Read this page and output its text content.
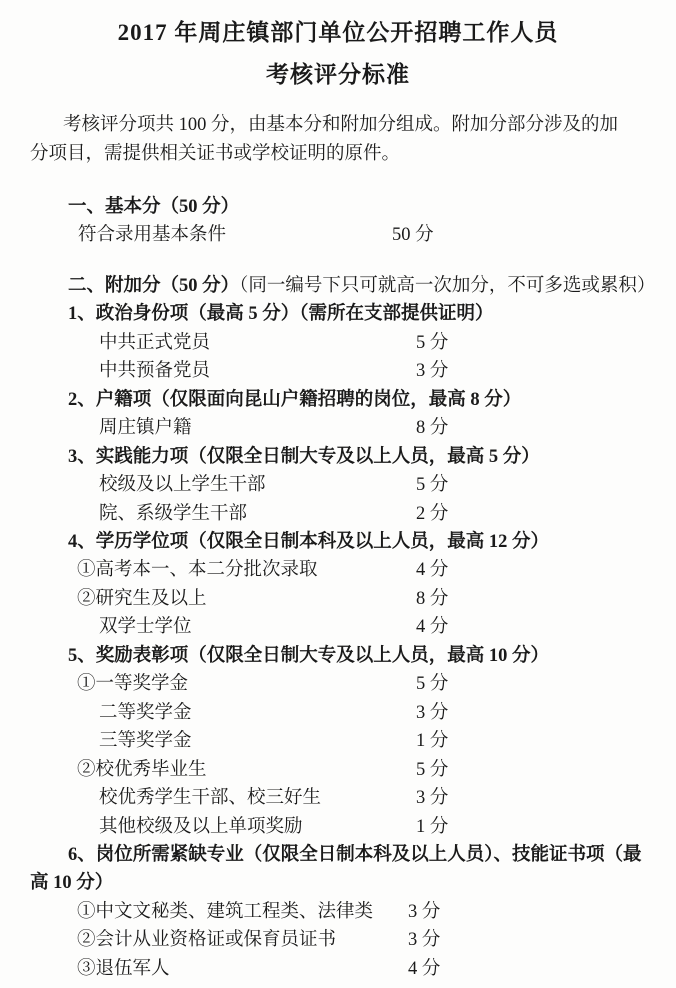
2017 年周庄镇部门单位公开招聘工作人员
考核评分标准
考核评分项共 100 分，由基本分和附加分组成。附加分部分涉及的加
分项目，需提供相关证书或学校证明的原件。
一、基本分（50 分）
符合录用基本条件	50 分
二、附加分（50 分）（同一编号下只可就高一次加分，不可多选或累积）
1、政治身份项（最高 5 分）（需所在支部提供证明）
中共正式党员	5 分
中共预备党员	3 分
2、户籍项（仅限面向昆山户籍招聘的岗位，最高 8 分）
周庄镇户籍	8 分
3、实践能力项（仅限全日制大专及以上人员，最高 5 分）
校级及以上学生干部	5 分
院、系级学生干部	2 分
4、学历学位项（仅限全日制本科及以上人员，最高 12 分）
①高考本一、本二分批次录取	4 分
②研究生及以上	8 分
双学士学位	4 分
5、奖励表彰项（仅限全日制大专及以上人员，最高 10 分）
①一等奖学金	5 分
二等奖学金	3 分
三等奖学金	1 分
②校优秀毕业生	5 分
校优秀学生干部、校三好生	3 分
其他校级及以上单项奖励	1 分
6、岗位所需紧缺专业（仅限全日制本科及以上人员）、技能证书项（最
高 10 分）
①中文文秘类、建筑工程类、法律类 3 分
②会计从业资格证或保育员证书	3 分
③退伍军人	4 分
